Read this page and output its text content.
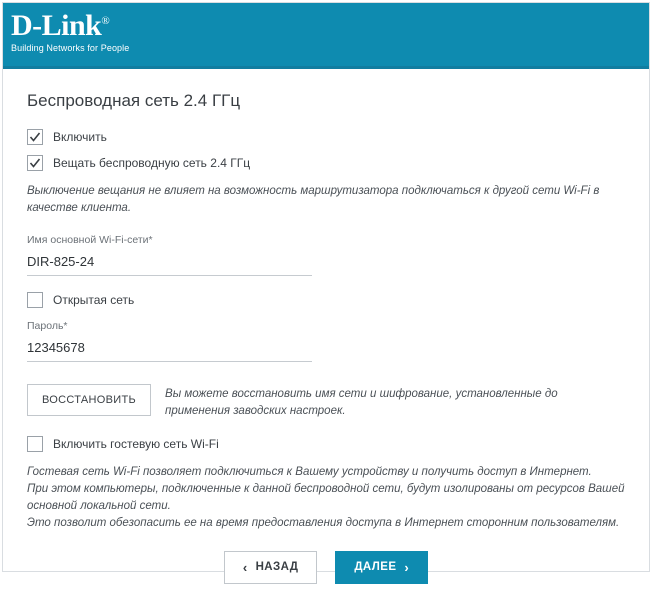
D-Link®
Building Networks for People
Беспроводная сеть 2.4 ГГц
Включить
Вещать беспроводную сеть 2.4 ГГц
Выключение вещания не влияет на возможность маршрутизатора подключаться к другой сети Wi-Fi в качестве клиента.
Имя основной Wi-Fi-сети*
DIR-825-24
Открытая сеть
Пароль*
12345678
ВОССТАНОВИТЬ	Вы можете восстановить имя сети и шифрование, установленные до применения заводских настроек.
Включить гостевую сеть Wi-Fi
Гостевая сеть Wi-Fi позволяет подключиться к Вашему устройству и получить доступ в Интернет.
При этом компьютеры, подключенные к данной беспроводной сети, будут изолированы от ресурсов Вашей основной локальной сети.
Это позволит обезопасить ее на время предоставления доступа в Интернет сторонним пользователям.
‹ НАЗАД	ДАЛЕЕ ›
